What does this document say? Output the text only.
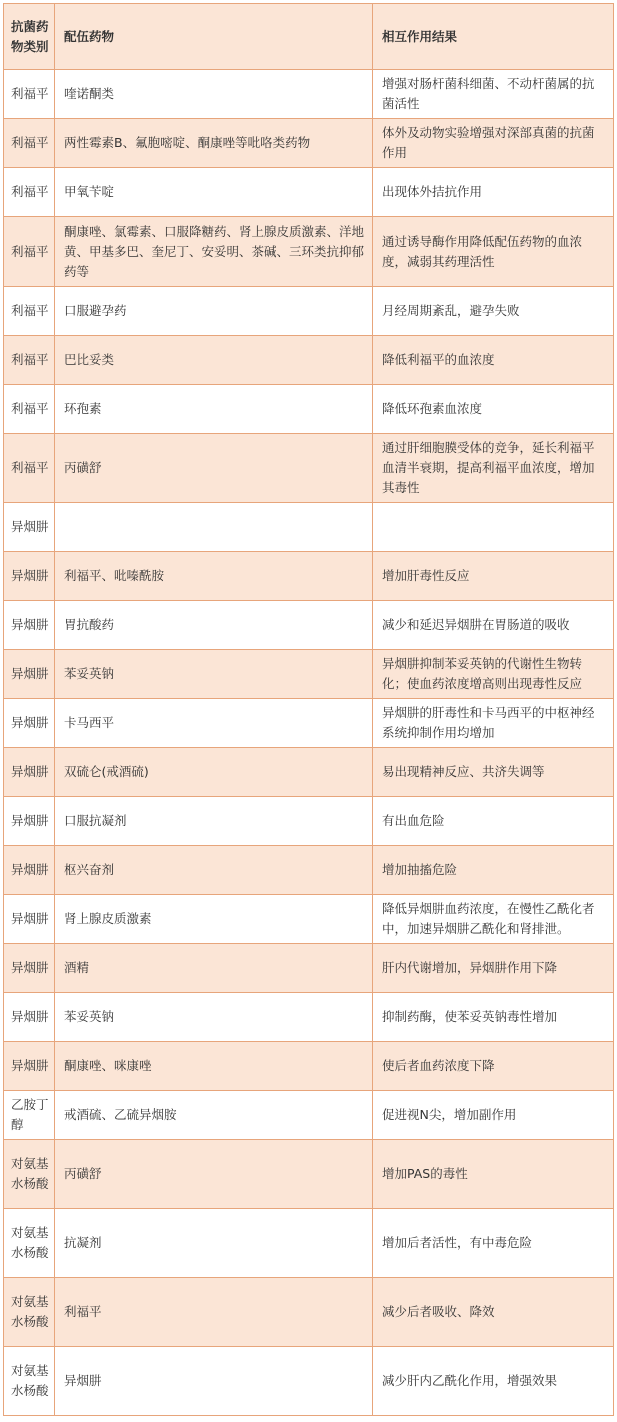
抗菌药物类别	配伍药物	相互作用结果
利福平	喹诺酮类	增强对肠杆菌科细菌、不动杆菌属的抗菌活性
利福平	两性霉素B、氟胞嘧啶、酮康唑等吡咯类药物	体外及动物实验增强对深部真菌的抗菌作用
利福平	甲氧苄啶	出现体外拮抗作用
利福平	酮康唑、氯霉素、口服降糖药、肾上腺皮质激素、洋地黄、甲基多巴、奎尼丁、安妥明、茶碱、三环类抗抑郁药等	通过诱导酶作用降低配伍药物的血浓度，减弱其药理活性
利福平	口服避孕药	月经周期紊乱，避孕失败
利福平	巴比妥类	降低利福平的血浓度
利福平	环孢素	降低环孢素血浓度
利福平	丙磺舒	通过肝细胞膜受体的竞争，延长利福平血清半衰期，提高利福平血浓度，增加其毒性
异烟肼		
异烟肼	利福平、吡嗪酰胺	增加肝毒性反应
异烟肼	胃抗酸药	减少和延迟异烟肼在胃肠道的吸收
异烟肼	苯妥英钠	异烟肼抑制苯妥英钠的代谢性生物转化；使血药浓度增高则出现毒性反应
异烟肼	卡马西平	异烟肼的肝毒性和卡马西平的中枢神经系统抑制作用均增加
异烟肼	双硫仑(戒酒硫)	易出现精神反应、共济失调等
异烟肼	口服抗凝剂	有出血危险
异烟肼	枢兴奋剂	增加抽搐危险
异烟肼	肾上腺皮质激素	降低异烟肼血药浓度，在慢性乙酰化者中，加速异烟肼乙酰化和肾排泄。
异烟肼	酒精	肝内代谢增加，异烟肼作用下降
异烟肼	苯妥英钠	抑制药酶，使苯妥英钠毒性增加
异烟肼	酮康唑、咪康唑	使后者血药浓度下降
乙胺丁醇	戒酒硫、乙硫异烟胺	促进视N尖，增加副作用
对氨基水杨酸	丙磺舒	增加PAS的毒性
对氨基水杨酸	抗凝剂	增加后者活性，有中毒危险
对氨基水杨酸	利福平	减少后者吸收、降效
对氨基水杨酸	异烟肼	减少肝内乙酰化作用，增强效果
